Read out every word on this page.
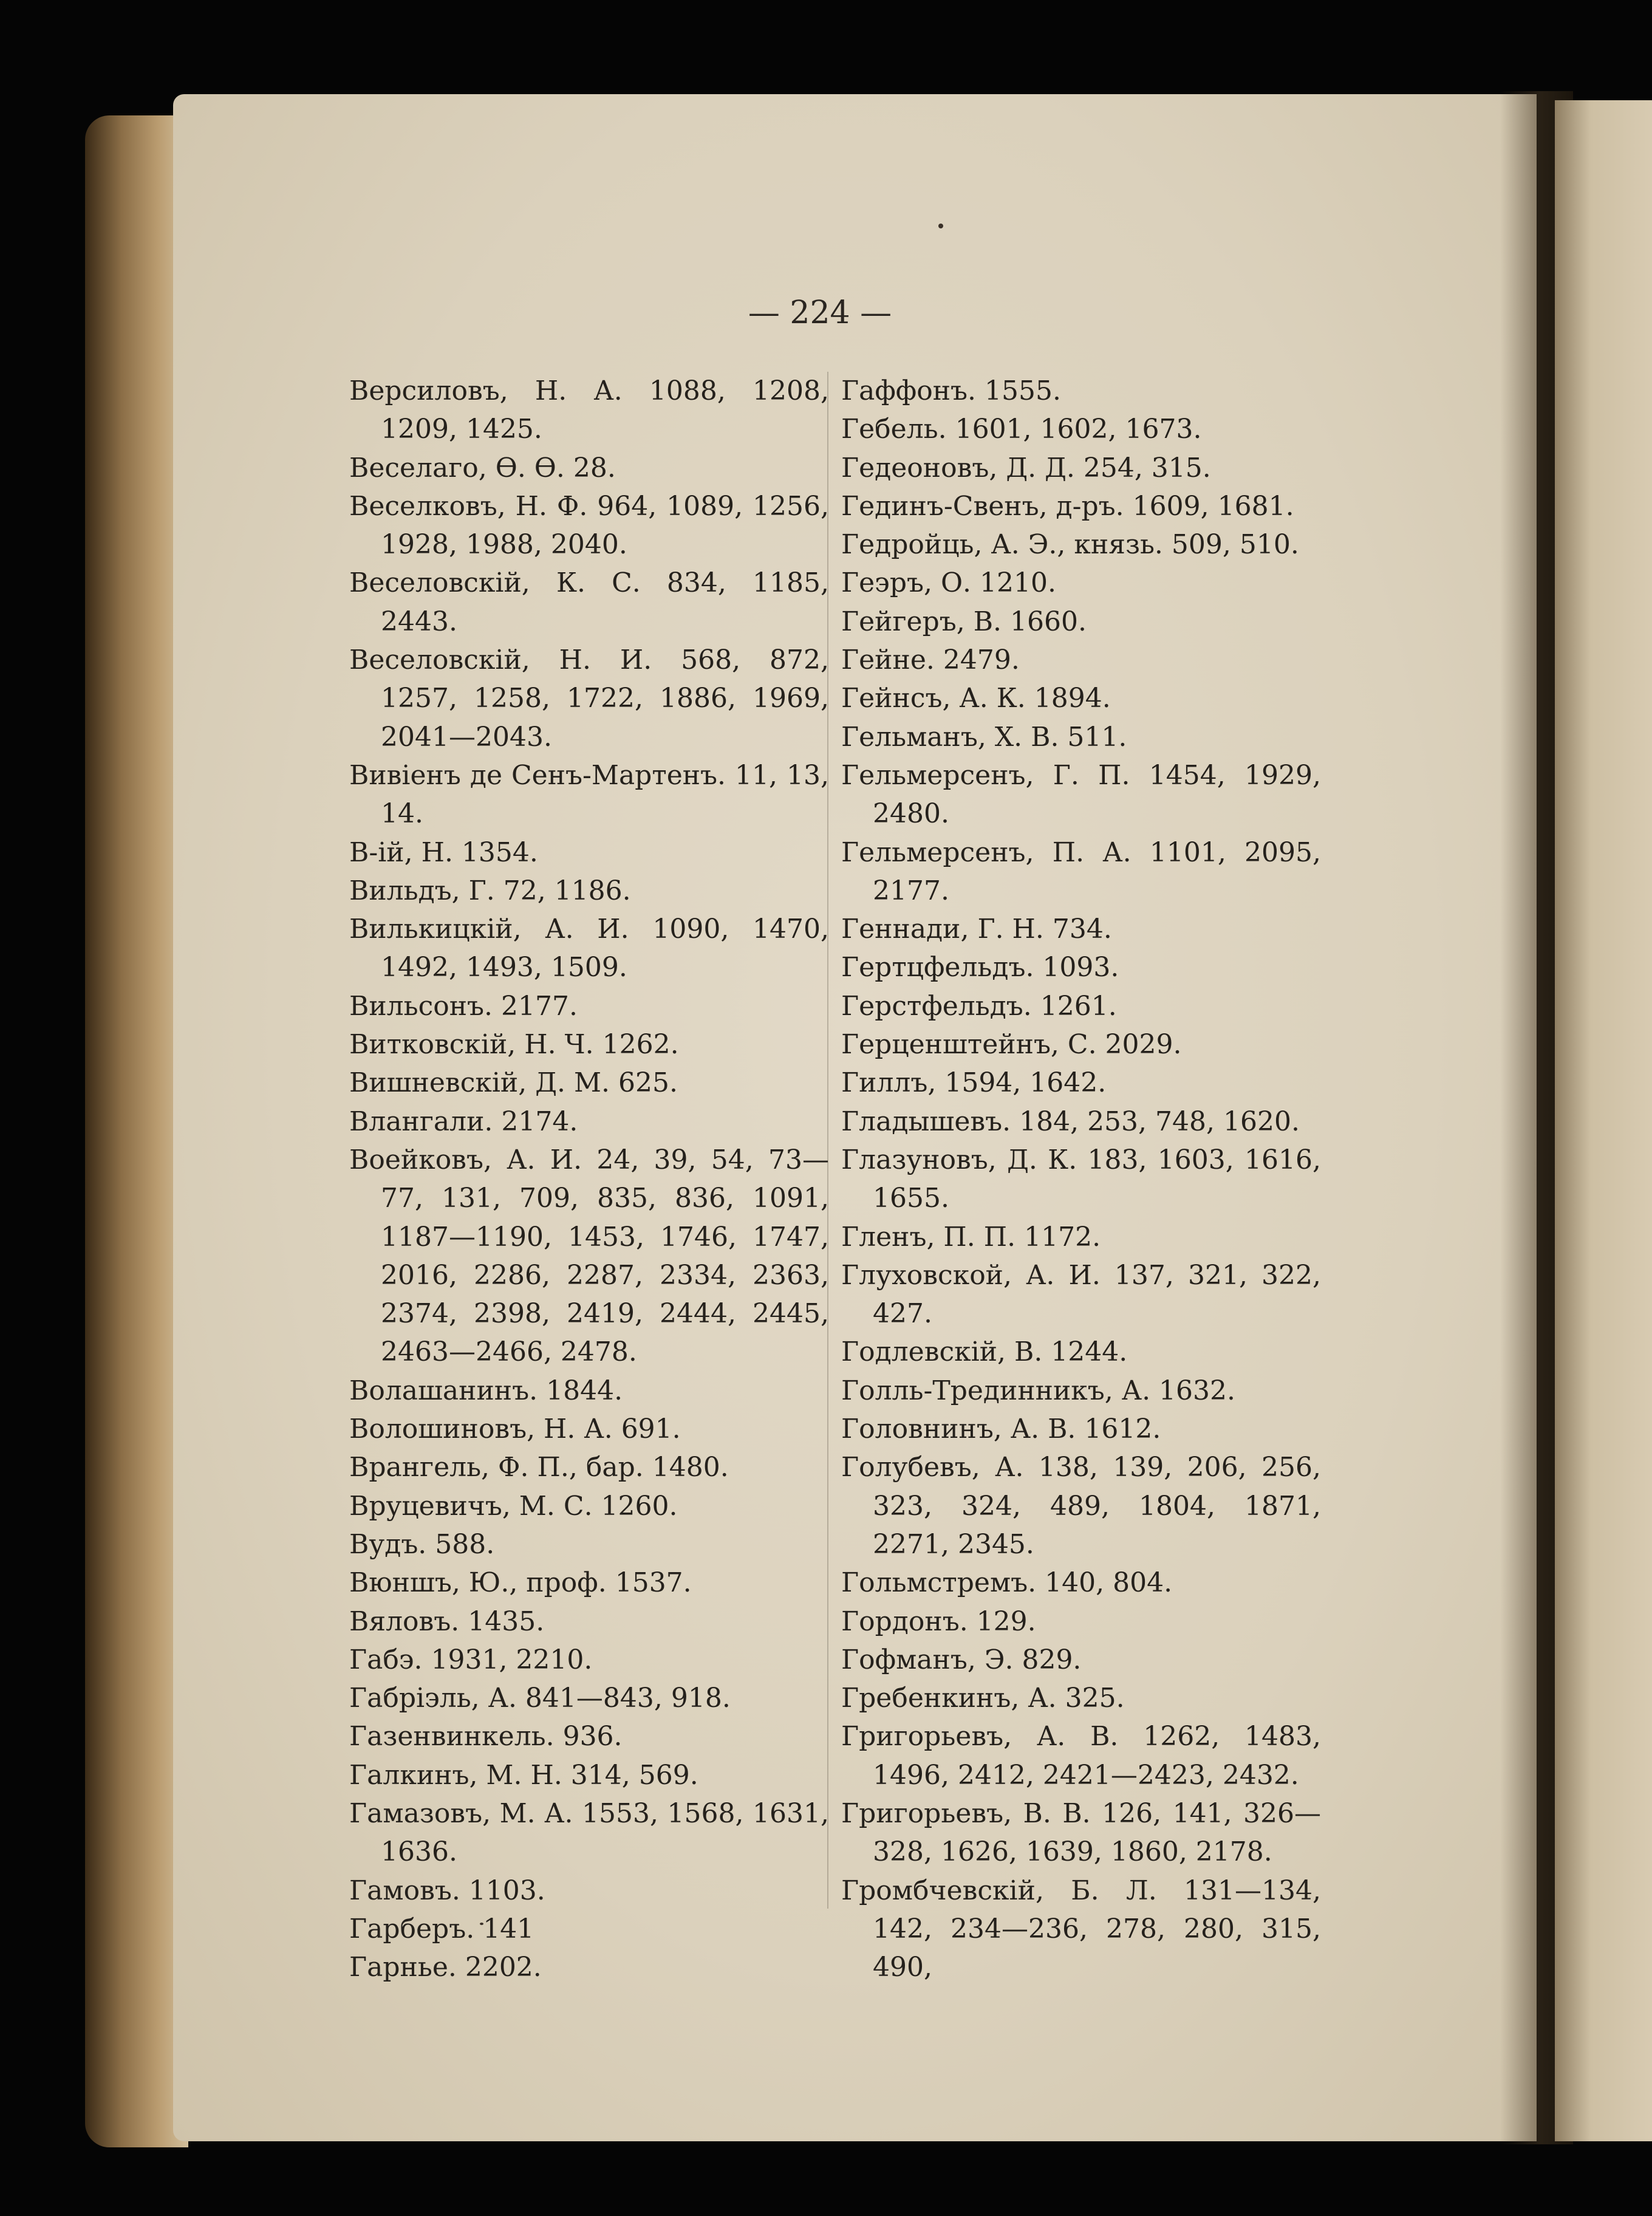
— 224 —

Версиловъ, Н. А. 1088, 1208, 1209, 1425.

Веселаго, Ѳ. Ѳ. 28.

Веселковъ, Н. Ф. 964, 1089, 1256, 1928, 1988, 2040.

Веселовскій, К. С. 834, 1185, 2443.

Веселовскій, Н. И. 568, 872, 1257, 1258, 1722, 1886, 1969, 2041—2043.

Вивіенъ де Сенъ-Мартенъ. 11, 13, 14.

В-ій, Н. 1354.

Вильдъ, Г. 72, 1186.

Вилькицкій, А. И. 1090, 1470, 1492, 1493, 1509.

Вильсонъ. 2177.

Витковскій, Н. Ч. 1262.

Вишневскій, Д. М. 625.

Влангали. 2174.

Воейковъ, А. И. 24, 39, 54, 73—77, 131, 709, 835, 836, 1091, 1187—1190, 1453, 1746, 1747, 2016, 2286, 2287, 2334, 2363, 2374, 2398, 2419, 2444, 2445, 2463—2466, 2478.

Волашанинъ. 1844.

Волошиновъ, Н. А. 691.

Врангель, Ф. П., бар. 1480.

Вруцевичъ, М. С. 1260.

Вудъ. 588.

Вюншъ, Ю., проф. 1537.

Вяловъ. 1435.

Габэ. 1931, 2210.

Габріэль, А. 841—843, 918.

Газенвинкель. 936.

Галкинъ, М. Н. 314, 569.

Гамазовъ, М. А. 1553, 1568, 1631, 1636.

Гамовъ. 1103.

Гарберъ. 141

Гарнье. 2202.

Гаффонъ. 1555.

Гебель. 1601, 1602, 1673.

Гедеоновъ, Д. Д. 254, 315.

Гединъ-Свенъ, д-ръ. 1609, 1681.

Гедройць, А. Э., князь. 509, 510.

Геэръ, О. 1210.

Гейгеръ, В. 1660.

Гейне. 2479.

Гейнсъ, А. К. 1894.

Гельманъ, Х. В. 511.

Гельмерсенъ, Г. П. 1454, 1929, 2480.

Гельмерсенъ, П. А. 1101, 2095, 2177.

Геннади, Г. Н. 734.

Гертцфельдъ. 1093.

Герстфельдъ. 1261.

Герценштейнъ, С. 2029.

Гиллъ, 1594, 1642.

Гладышевъ. 184, 253, 748, 1620.

Глазуновъ, Д. К. 183, 1603, 1616, 1655.

Гленъ, П. П. 1172.

Глуховской, А. И. 137, 321, 322, 427.

Годлевскій, В. 1244.

Голль-Трединникъ, А. 1632.

Головнинъ, А. В. 1612.

Голубевъ, А. 138, 139, 206, 256, 323, 324, 489, 1804, 1871, 2271, 2345.

Гольмстремъ. 140, 804.

Гордонъ. 129.

Гофманъ, Э. 829.

Гребенкинъ, А. 325.

Григорьевъ, А. В. 1262, 1483, 1496, 2412, 2421—2423, 2432.

Григорьевъ, В. В. 126, 141, 326—328, 1626, 1639, 1860, 2178.

Громбчевскій, Б. Л. 131—134, 142, 234—236, 278, 280, 315, 490,
